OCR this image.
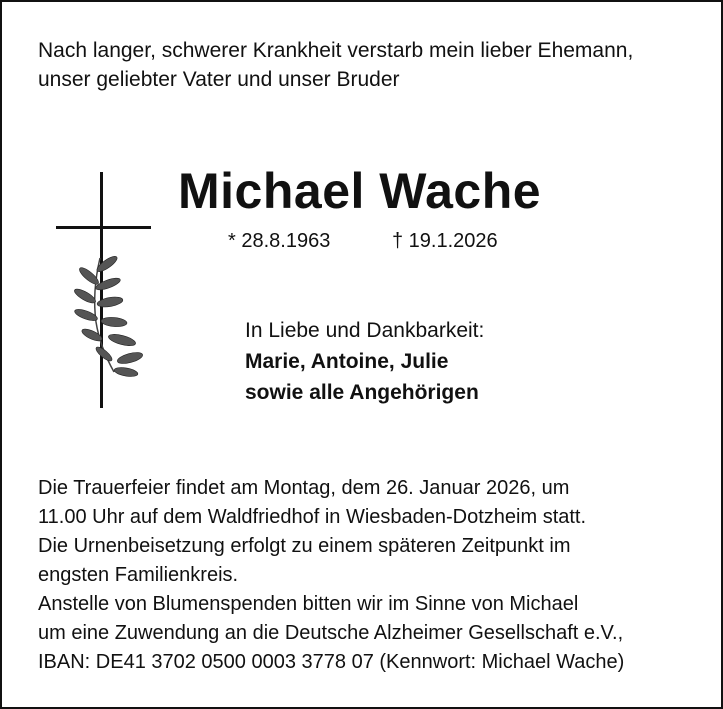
Nach langer, schwerer Krankheit verstarb mein lieber Ehemann,
unser geliebter Vater und unser Bruder
Michael Wache
* 28.8.1963	† 19.1.2026
In Liebe und Dankbarkeit:
Marie, Antoine, Julie
sowie alle Angehörigen
Die Trauerfeier findet am Montag, dem 26. Januar 2026, um
11.00 Uhr auf dem Waldfriedhof in Wiesbaden-Dotzheim statt.
Die Urnenbeisetzung erfolgt zu einem späteren Zeitpunkt im
engsten Familienkreis.
Anstelle von Blumenspenden bitten wir im Sinne von Michael
um eine Zuwendung an die Deutsche Alzheimer Gesellschaft e.V.,
IBAN: DE41 3702 0500 0003 3778 07 (Kennwort: Michael Wache)
